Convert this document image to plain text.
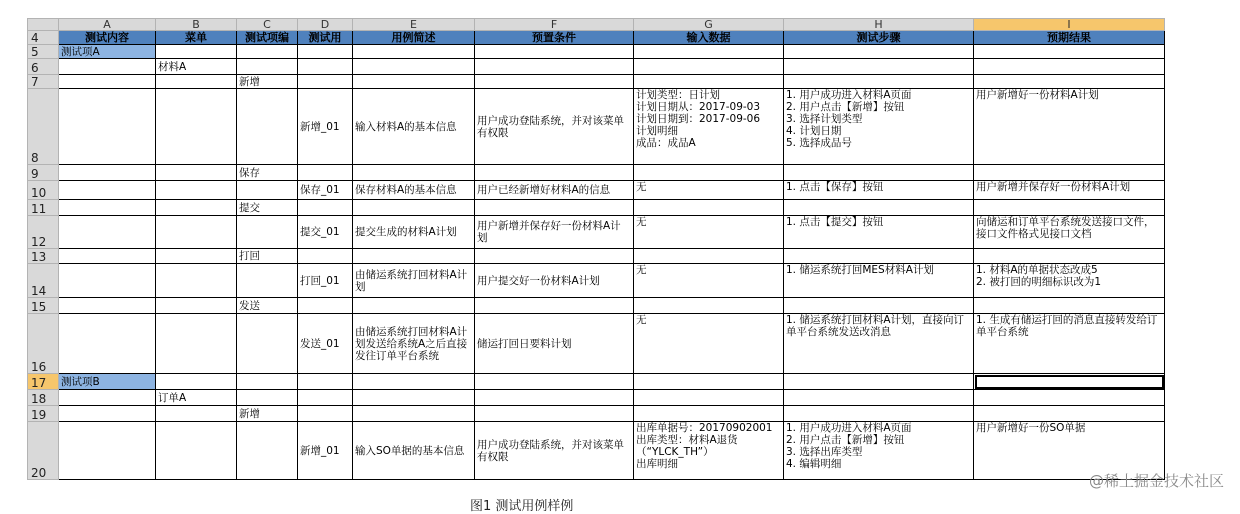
	A	B	C	D	E	F	G	H	I
4	测试内容	菜单	测试项编	测试用	用例简述	预置条件	输入数据	测试步骤	预期结果
5	测试项A								
6		材料A							
7			新增						
8				新增_01	输入材料A的基本信息	用户成功登陆系统，并对该菜单有权限	计划类型：日计划
计划日期从：2017-09-03
计划日期到：2017-09-06
计划明细
成品：成品A	1. 用户成功进入材料A页面
2. 用户点击【新增】按钮
3. 选择计划类型
4. 计划日期
5. 选择成品号	用户新增好一份材料A计划
9			保存						
10				保存_01	保存材料A的基本信息	用户已经新增好材料A的信息	无	1. 点击【保存】按钮	用户新增并保存好一份材料A计划
11			提交						
12				提交_01	提交生成的材料A计划	用户新增并保存好一份材料A计划	无	1. 点击【提交】按钮	向储运和订单平台系统发送接口文件，接口文件格式见接口文档
13			打回						
14				打回_01	由储运系统打回材料A计划	用户提交好一份材料A计划	无	1. 储运系统打回MES材料A计划	1. 材料A的单据状态改成5
2. 被打回的明细标识改为1
15			发送						
16				发送_01	由储运系统打回材料A计划发送给系统A之后直接发往订单平台系统	储运打回日要料计划	无	1. 储运系统打回材料A计划，直接向订单平台系统发送改消息	1. 生成有储运打回的消息直接转发给订单平台系统
17	测试项B								
18		订单A							
19			新增						
20				新增_01	输入SO单据的基本信息	用户成功登陆系统，并对该菜单有权限	出库单据号：20170902001
出库类型：材料A退货（“YLCK_TH”）
出库明细	1. 用户成功进入材料A页面
2. 用户点击【新增】按钮
3. 选择出库类型
4. 编辑明细	用户新增好一份SO单据
图1 测试用例样例
@稀土掘金技术社区
